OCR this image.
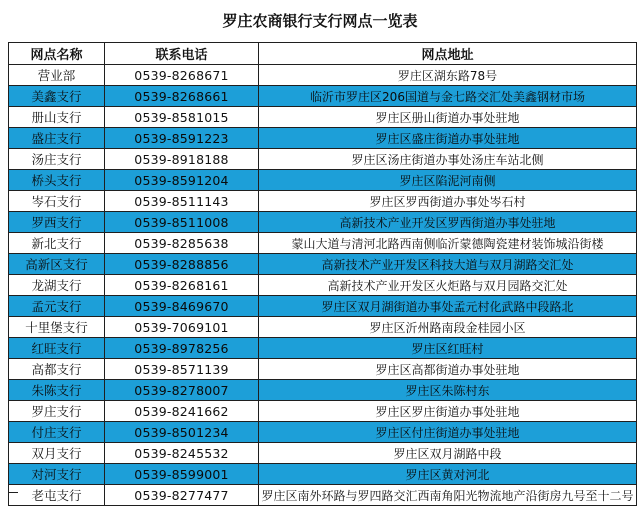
罗庄农商银行支行网点一览表
网点名称	联系电话	网点地址
营业部	0539-8268671	罗庄区湖东路78号
美鑫支行	0539-8268661	临沂市罗庄区206国道与金七路交汇处美鑫钢材市场
册山支行	0539-8581015	罗庄区册山街道办事处驻地
盛庄支行	0539-8591223	罗庄区盛庄街道办事处驻地
汤庄支行	0539-8918188	罗庄区汤庄街道办事处汤庄车站北侧
桥头支行	0539-8591204	罗庄区陷泥河南侧
岑石支行	0539-8511143	罗庄区罗西街道办事处岑石村
罗西支行	0539-8511008	高新技术产业开发区罗西街道办事处驻地
新北支行	0539-8285638	蒙山大道与清河北路西南侧临沂蒙德陶瓷建材装饰城沿街楼
高新区支行	0539-8288856	高新技术产业开发区科技大道与双月湖路交汇处
龙湖支行	0539-8268161	高新技术产业开发区火炬路与双月园路交汇处
孟元支行	0539-8469670	罗庄区双月湖街道办事处孟元村化武路中段路北
十里堡支行	0539-7069101	罗庄区沂州路南段金桂园小区
红旺支行	0539-8978256	罗庄区红旺村
高都支行	0539-8571139	罗庄区高都街道办事处驻地
朱陈支行	0539-8278007	罗庄区朱陈村东
罗庄支行	0539-8241662	罗庄区罗庄街道办事处驻地
付庄支行	0539-8501234	罗庄区付庄街道办事处驻地
双月支行	0539-8245532	罗庄区双月湖路中段
对河支行	0539-8599001	罗庄区黄对河北
老屯支行	0539-8277477	罗庄区南外环路与罗四路交汇西南角阳光物流地产沿街房九号至十二号
